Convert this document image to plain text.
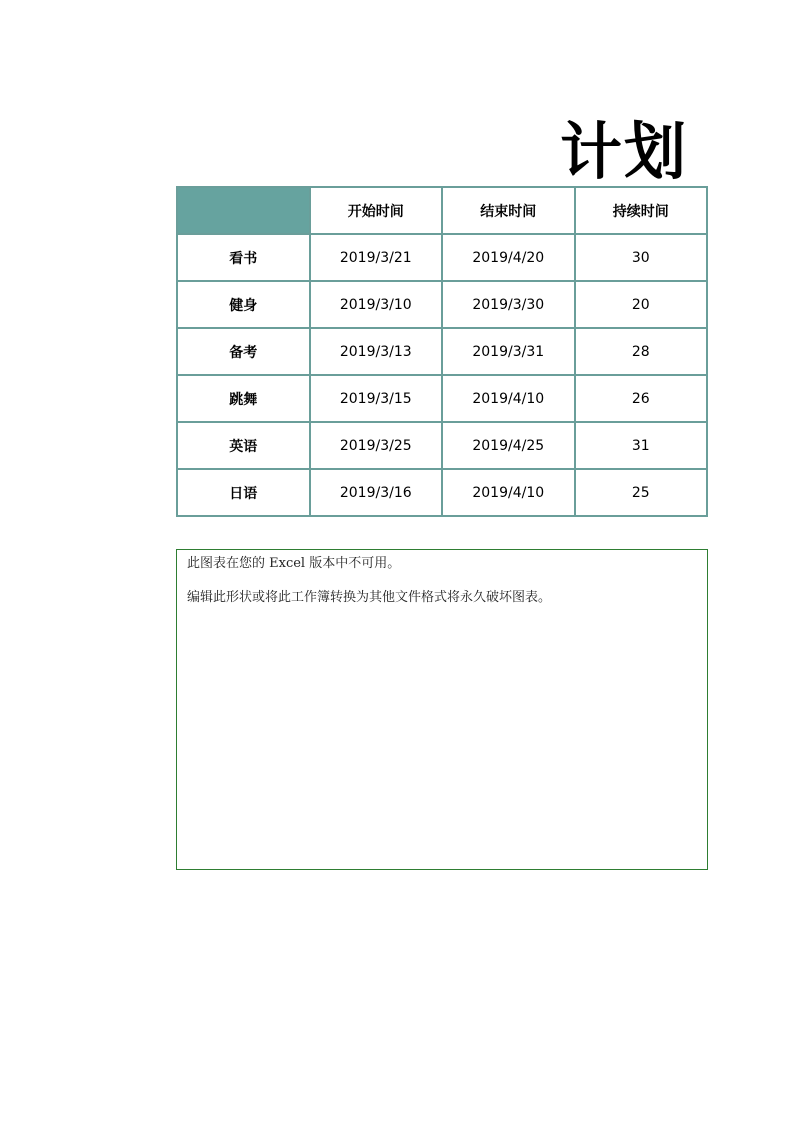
计划
	开始时间	结束时间	持续时间
看书	2019/3/21	2019/4/20	30
健身	2019/3/10	2019/3/30	20
备考	2019/3/13	2019/3/31	28
跳舞	2019/3/15	2019/4/10	26
英语	2019/3/25	2019/4/25	31
日语	2019/3/16	2019/4/10	25

此图表在您的 Excel 版本中不可用。

编辑此形状或将此工作簿转换为其他文件格式将永久破坏图表。
